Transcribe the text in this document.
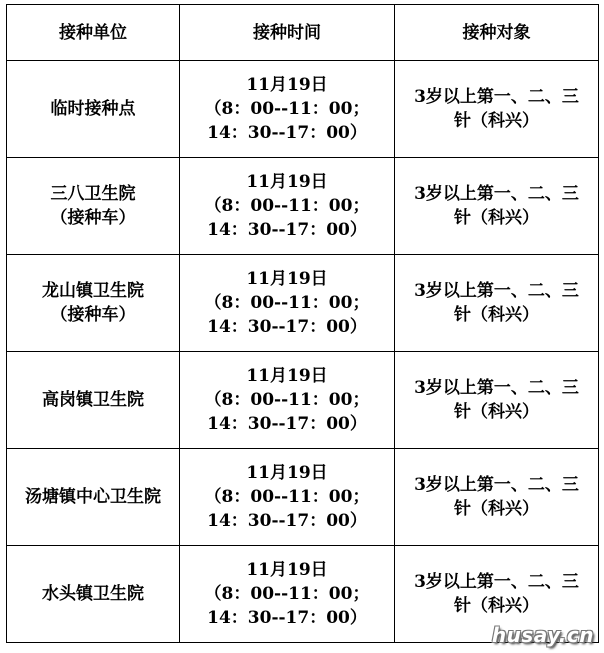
接种单位	接种时间	接种对象

临时接种点	11月19日
（8：00--11：00；
14：30--17：00）	3岁以上第一、二、三
针（科兴）

三八卫生院
（接种车）	11月19日
（8：00--11：00；
14：30--17：00）	3岁以上第一、二、三
针（科兴）

龙山镇卫生院
（接种车）	11月19日
（8：00--11：00；
14：30--17：00）	3岁以上第一、二、三
针（科兴）

高岗镇卫生院	11月19日
（8：00--11：00；
14：30--17：00）	3岁以上第一、二、三
针（科兴）

汤塘镇中心卫生院	11月19日
（8：00--11：00；
14：30--17：00）	3岁以上第一、二、三
针（科兴）

水头镇卫生院	11月19日
（8：00--11：00；
14：30--17：00）	3岁以上第一、二、三
针（科兴）
husay.cn
